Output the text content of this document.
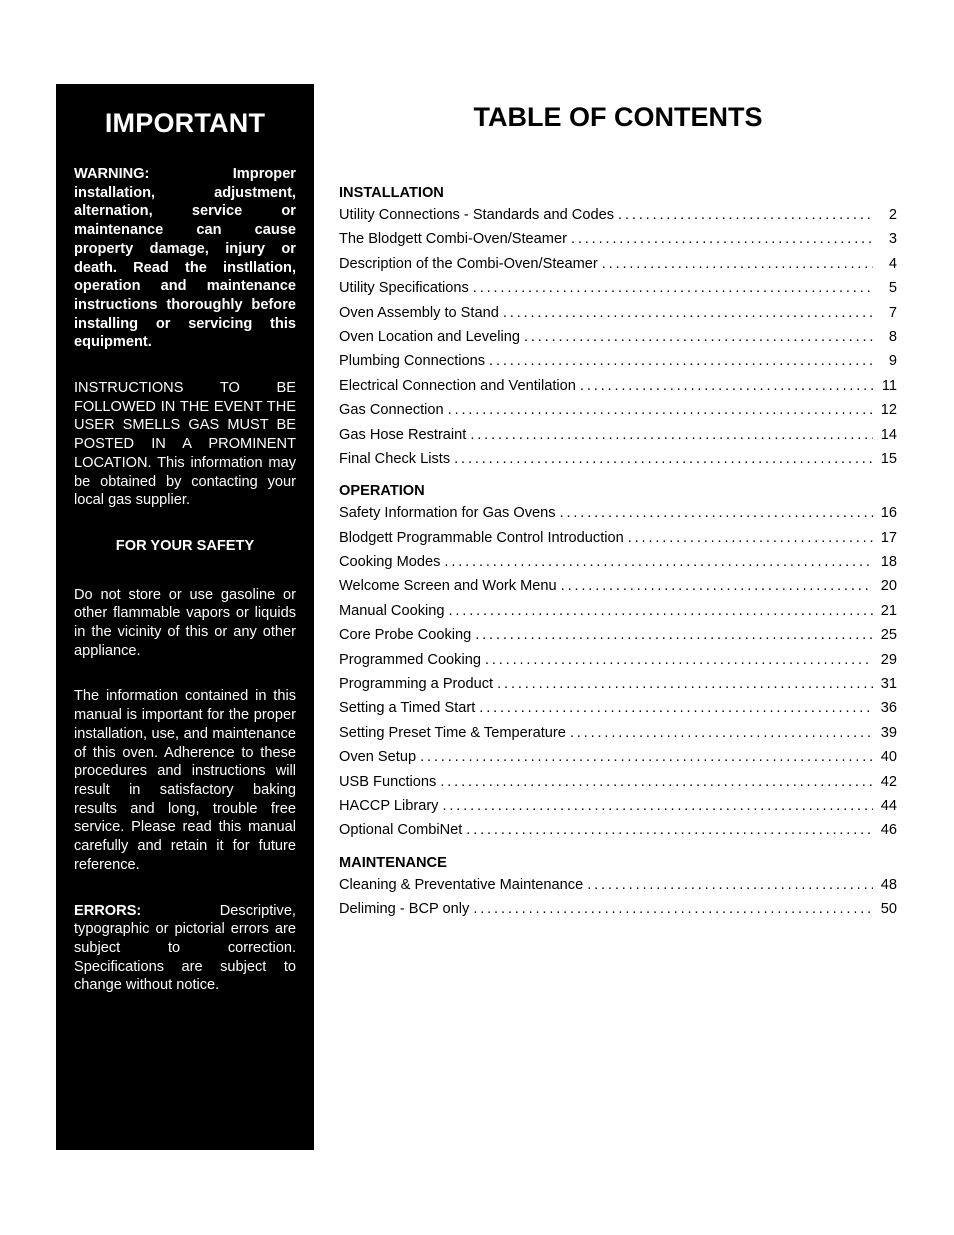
IMPORTANT

WARNING: Improper installation, adjustment, alternation, service or maintenance can cause property damage, injury or death. Read the instllation, operation and maintenance instructions thoroughly before installing or servicing this equipment.

INSTRUCTIONS TO BE FOLLOWED IN THE EVENT THE USER SMELLS GAS MUST BE POSTED IN A PROMINENT LOCATION. This information may be obtained by contacting your local gas supplier.

FOR YOUR SAFETY

Do not store or use gasoline or other flammable vapors or liquids in the vicinity of this or any other appliance.

The information contained in this manual is important for the proper installation, use, and maintenance of this oven. Adherence to these procedures and instructions will result in satisfactory baking results and long, trouble free service. Please read this manual carefully and retain it for future reference.

ERRORS: Descriptive, typographic or pictorial errors are subject to correction. Specifications are subject to change without notice.

TABLE OF CONTENTS
INSTALLATION
Utility Connections - Standards and Codes . . .	2
The Blodgett Combi-Oven/Steamer . . .	3
Description of the Combi-Oven/Steamer . . .	4
Utility Specifications . . .	5
Oven Assembly to Stand . . .	7
Oven Location and Leveling . . .	8
Plumbing Connections . . .	9
Electrical Connection and Ventilation . . .	11
Gas Connection . . .	12
Gas Hose Restraint . . .	14
Final Check Lists . . .	15
OPERATION
Safety Information for Gas Ovens . . .	16
Blodgett Programmable Control Introduction . . .	17
Cooking Modes . . .	18
Welcome Screen and Work Menu . . .	20
Manual Cooking . . .	21
Core Probe Cooking . . .	25
Programmed Cooking . . .	29
Programming a Product . . .	31
Setting a Timed Start . . .	36
Setting Preset Time & Temperature . . .	39
Oven Setup . . .	40
USB Functions . . .	42
HACCP Library . . .	44
Optional CombiNet . . .	46
MAINTENANCE
Cleaning & Preventative Maintenance . . .	48
Deliming - BCP only . . .	50
